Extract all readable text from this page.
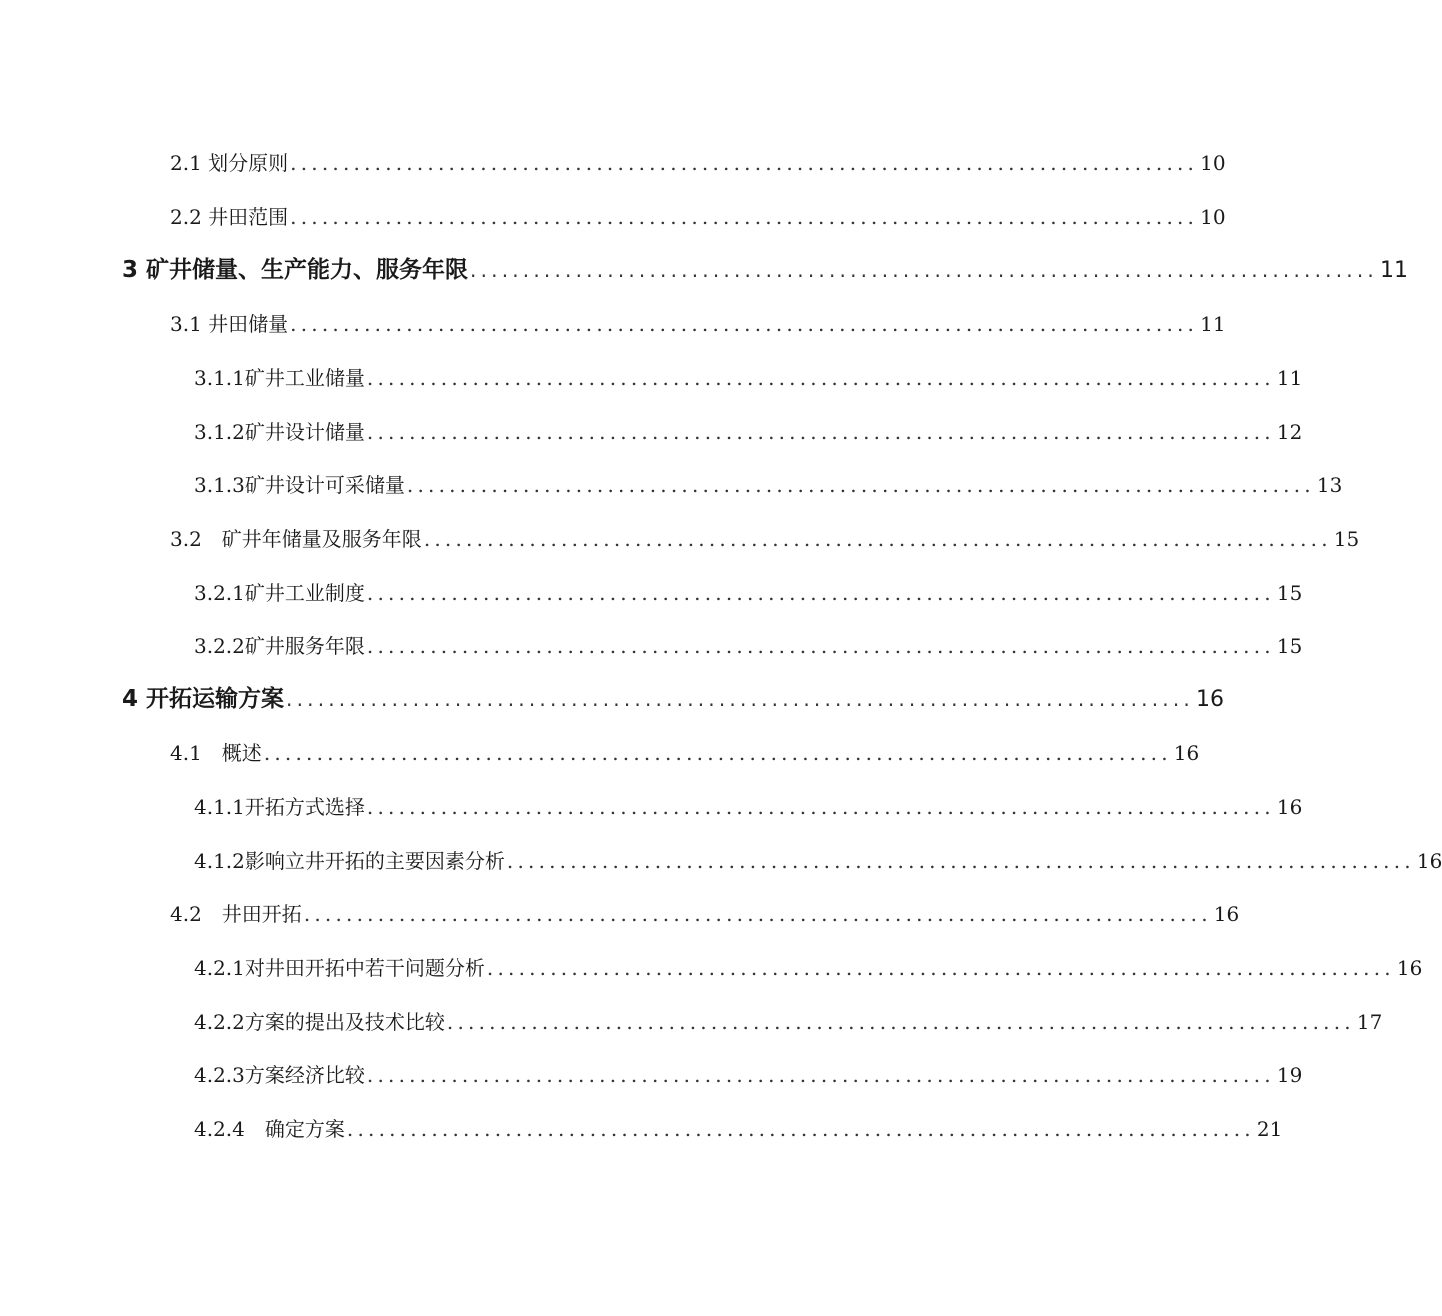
2.1 划分原则 ...................................................................................... 10
2.2 井田范围 ...................................................................................... 10
3 矿井储量、生产能力、服务年限 ...................................................................................... 11
3.1 井田储量 ...................................................................................... 11
3.1.1矿井工业储量 ...................................................................................... 11
3.1.2矿井设计储量 ...................................................................................... 12
3.1.3矿井设计可采储量 ...................................................................................... 13
3.2　矿井年储量及服务年限 ...................................................................................... 15
3.2.1矿井工业制度 ...................................................................................... 15
3.2.2矿井服务年限 ...................................................................................... 15
4 开拓运输方案 ...................................................................................... 16
4.1　概述 ...................................................................................... 16
4.1.1开拓方式选择 ...................................................................................... 16
4.1.2影响立井开拓的主要因素分析 ...................................................................................... 16
4.2　井田开拓 ...................................................................................... 16
4.2.1对井田开拓中若干问题分析 ...................................................................................... 16
4.2.2方案的提出及技术比较 ...................................................................................... 17
4.2.3方案经济比较 ...................................................................................... 19
4.2.4　确定方案 ...................................................................................... 21
